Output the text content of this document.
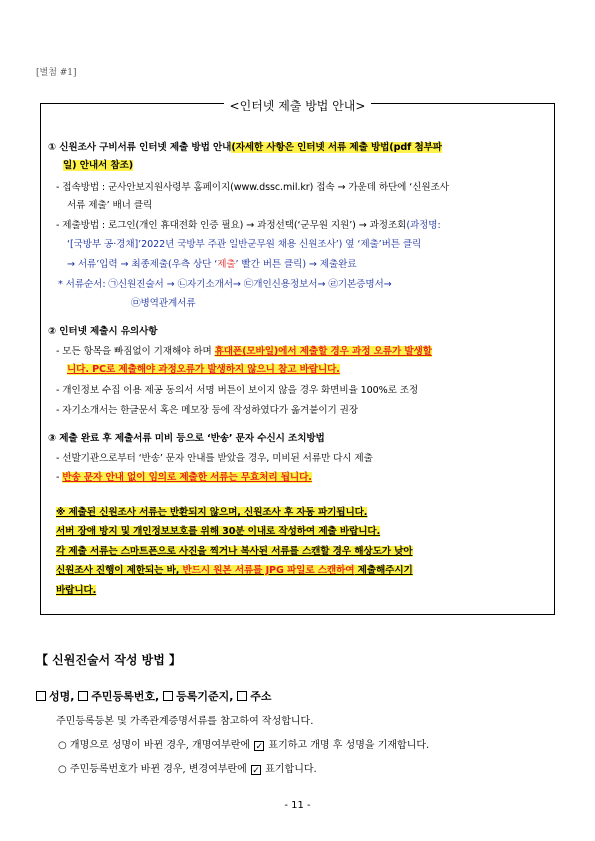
[별첨 #1]
<인터넷 제출 방법 안내>
① 신원조사 구비서류 인터넷 제출 방법 안내(자세한 사항은 인터넷 서류 제출 방법(pdf 첨부파
일) 안내서 참조)
- 접속방법 : 군사안보지원사령부 홈페이지(www.dssc.mil.kr) 접속 → 가운데 하단에 ‘신원조사
서류 제출’ 배너 클릭
- 제출방법 : 로그인(개인 휴대전화 인증 필요) → 과정선택(‘군무원 지원’) → 과정조회(과정명:
‘[국방부 공·경채]’2022년 국방부 주관 일반군무원 채용 신원조사’) 옆 ‘제출’버튼 클릭
→ 서류’입력 → 최종제출(우측 상단 ‘제출’ 빨간 버튼 클릭) → 제출완료
* 서류순서: ㉠신원진술서 → ㉡자기소개서→ ㉢개인신용정보서→ ㉣기본증명서→
㉤병역관계서류
② 인터넷 제출시 유의사항
- 모든 항목을 빠짐없이 기재해야 하며 휴대폰(모바일)에서 제출할 경우 과정 오류가 발생할
니다. PC로 제출해야 과정오류가 발생하지 않으니 참고 바랍니다.
- 개인정보 수집 이용 제공 동의서 서명 버튼이 보이지 않을 경우 화면비율 100%로 조정
- 자기소개서는 한글문서 혹은 메모장 등에 작성하였다가 옮겨붙이기 권장
③ 제출 완료 후 제출서류 미비 등으로 ‘반송’ 문자 수신시 조치방법
- 선발기관으로부터 ‘반송’ 문자 안내를 받았을 경우, 미비된 서류만 다시 제출
- 반송 문자 안내 없이 임의로 제출한 서류는 무효처리 됩니다.
※ 제출된 신원조사 서류는 반환되지 않으며, 신원조사 후 자동 파기됩니다.
서버 장애 방지 및 개인정보보호를 위해 30분 이내로 작성하여 제출 바랍니다.
각 제출 서류는 스마트폰으로 사진을 찍거나 복사된 서류를 스캔할 경우 해상도가 낮아
신원조사 진행이 제한되는 바, 반드시 원본 서류를 JPG 파일로 스캔하여 제출해주시기
바랍니다.
【 신원진술서 작성 방법 】
성명, 주민등록번호, 등록기준지, 주소
주민등록등본 및 가족관계증명서류를 참고하여 작성합니다.
○ 개명으로 성명이 바뀐 경우, 개명여부란에 ✓ 표기하고 개명 후 성명을 기재합니다.
○ 주민등록번호가 바뀐 경우, 변경여부란에 ✓ 표기합니다.
- 11 -
